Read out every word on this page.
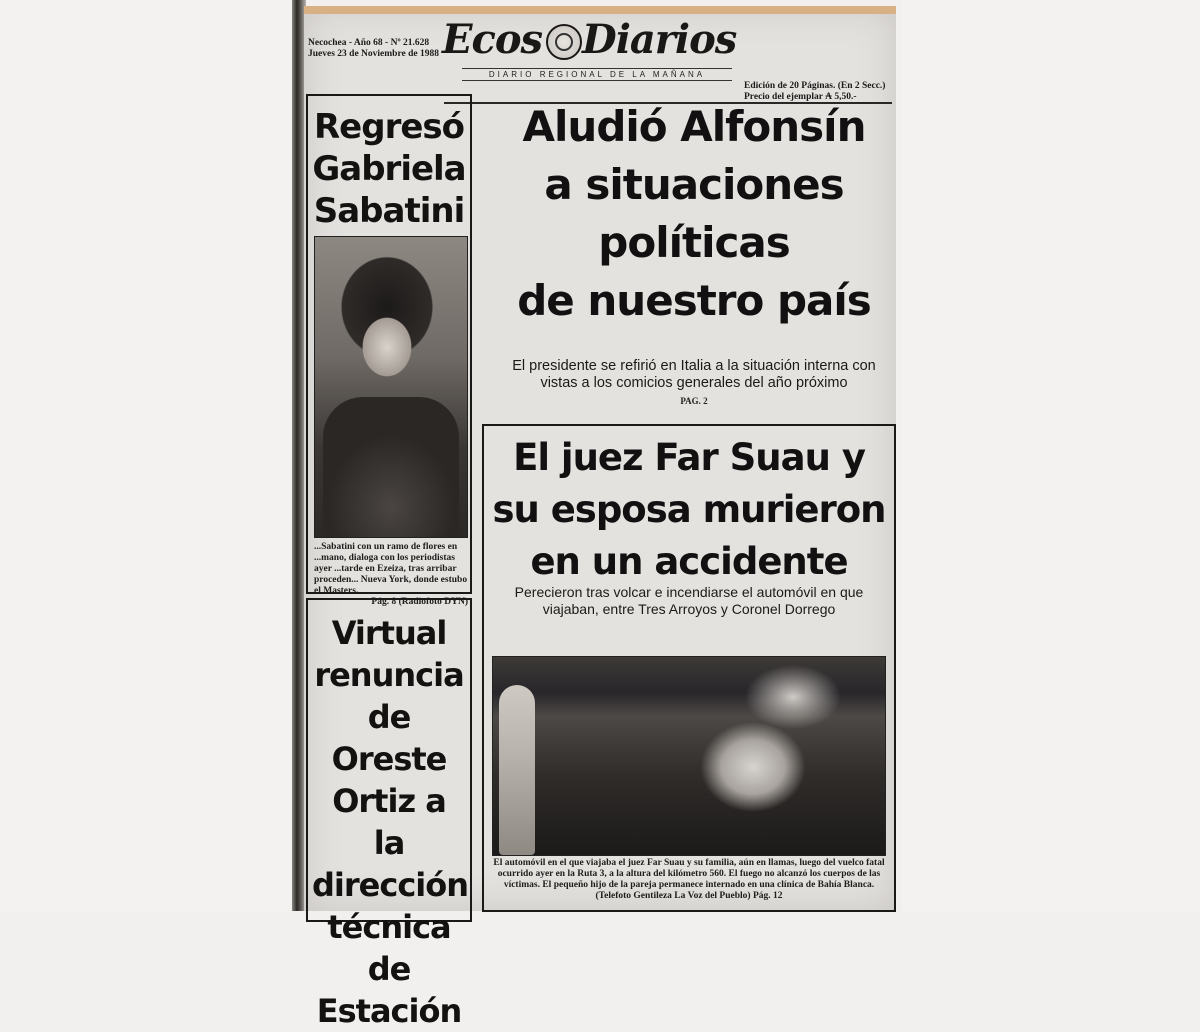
Necochea - Año 68 - Nº 21.628
Jueves 23 de Noviembre de 1988 Ecos Diarios
DIARIO REGIONAL DE LA MAÑANA
Edición de 20 Páginas. (En 2 Secc.)
Precio del ejemplar ₳ 5,50.-
Regresó
Gabriela
Sabatini
...Sabatini con un ramo de flores en ...mano, dialoga con los periodistas ayer ...tarde en Ezeiza, tras arribar proceden... Nueva York, donde estubo el Masters.
Pág. 8 (Radiofoto DYN)
Virtual
renuncia
de Oreste
Ortiz a la
dirección
técnica de
Estación
Aludió Alfonsín
a situaciones
políticas
de nuestro país
El presidente se refirió en Italia a la situación interna con vistas a los comicios generales del año próximo
PAG. 2
El juez Far Suau y
su esposa murieron
en un accidente
Perecieron tras volcar e incendiarse el automóvil en que viajaban, entre Tres Arroyos y Coronel Dorrego
El automóvil en el que viajaba el juez Far Suau y su familia, aún en llamas, luego del vuelco fatal ocurrido ayer en la Ruta 3, a la altura del kilómetro 560. El fuego no alcanzó los cuerpos de las víctimas. El pequeño hijo de la pareja permanece internado en una clínica de Bahía Blanca. (Telefoto Gentileza La Voz del Pueblo) Pág. 12
